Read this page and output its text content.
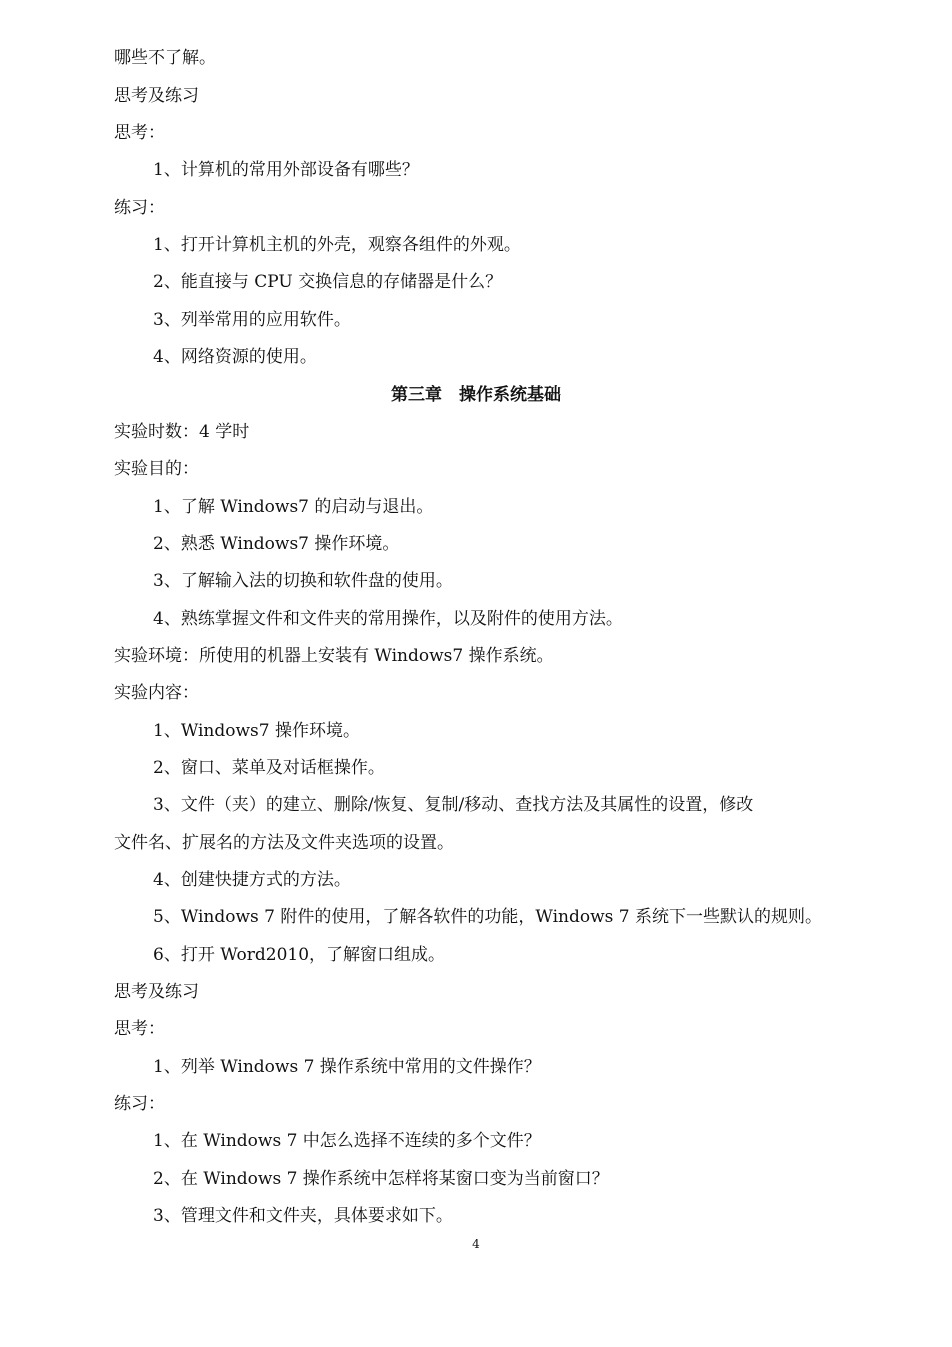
哪些不了解。
思考及练习
思考：
1、计算机的常用外部设备有哪些？
练习：
1、打开计算机主机的外壳，观察各组件的外观。
2、能直接与 CPU 交换信息的存储器是什么？
3、列举常用的应用软件。
4、网络资源的使用。
第三章　操作系统基础
实验时数：4 学时
实验目的：
1、了解 Windows7 的启动与退出。
2、熟悉 Windows7 操作环境。
3、了解输入法的切换和软件盘的使用。
4、熟练掌握文件和文件夹的常用操作，以及附件的使用方法。
实验环境：所使用的机器上安装有 Windows7 操作系统。
实验内容：
1、Windows7 操作环境。
2、窗口、菜单及对话框操作。
3、文件（夹）的建立、删除/恢复、复制/移动、查找方法及其属性的设置，修改
文件名、扩展名的方法及文件夹选项的设置。
4、创建快捷方式的方法。
5、Windows 7 附件的使用，了解各软件的功能，Windows 7 系统下一些默认的规则。
6、打开 Word2010，了解窗口组成。
思考及练习
思考：
1、列举 Windows 7 操作系统中常用的文件操作？
练习：
1、在 Windows 7 中怎么选择不连续的多个文件？
2、在 Windows 7 操作系统中怎样将某窗口变为当前窗口？
3、管理文件和文件夹，具体要求如下。
4
